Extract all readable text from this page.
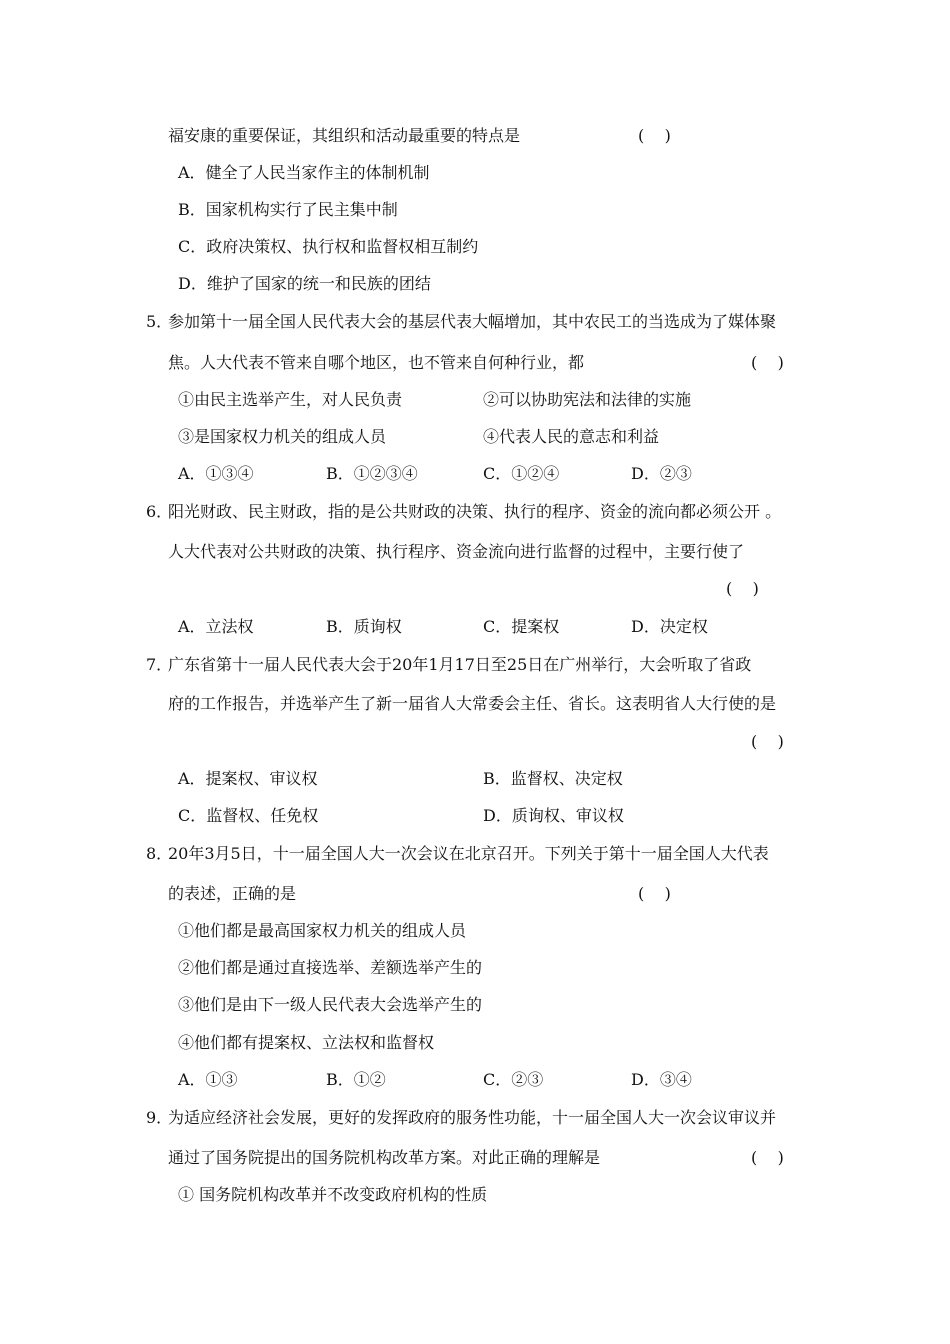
福安康的重要保证，其组织和活动最重要的特点是	(    )
A．健全了人民当家作主的体制机制
B．国家机构实行了民主集中制
C．政府决策权、执行权和监督权相互制约
D．维护了国家的统一和民族的团结
5．
参加第十一届全国人民代表大会的基层代表大幅增加，其中农民工的当选成为了媒体聚
焦。人大代表不管来自哪个地区，也不管来自何种行业，都	(    )
①由民主选举产生，对人民负责	②可以协助宪法和法律的实施
③是国家权力机关的组成人员	④代表人民的意志和利益
A．①③④	B．①②③④	C．①②④	D．②③
6．
阳光财政、民主财政，指的是公共财政的决策、执行的程序、资金的流向都必须公开 。
人大代表对公共财政的决策、执行程序、资金流向进行监督的过程中，主要行使了
(    )
A．立法权	B．质询权	C．提案权	D．决定权
7．
广东省第十一届人民代表大会于20年1月17日至25日在广州举行，大会听取了省政
府的工作报告，并选举产生了新一届省人大常委会主任、省长。这表明省人大行使的是
(    )
A．提案权、审议权	B．监督权、决定权
C．监督权、任免权	D．质询权、审议权
8．
20年3月5日，十一届全国人大一次会议在北京召开。下列关于第十一届全国人大代表
的表述，正确的是	(    )
①他们都是最高国家权力机关的组成人员
②他们都是通过直接选举、差额选举产生的
③他们是由下一级人民代表大会选举产生的
④他们都有提案权、立法权和监督权
A．①③	B．①②	C．②③	D．③④
9．
为适应经济社会发展，更好的发挥政府的服务性功能，十一届全国人大一次会议审议并
通过了国务院提出的国务院机构改革方案。对此正确的理解是	(    )
① 国务院机构改革并不改变政府机构的性质
